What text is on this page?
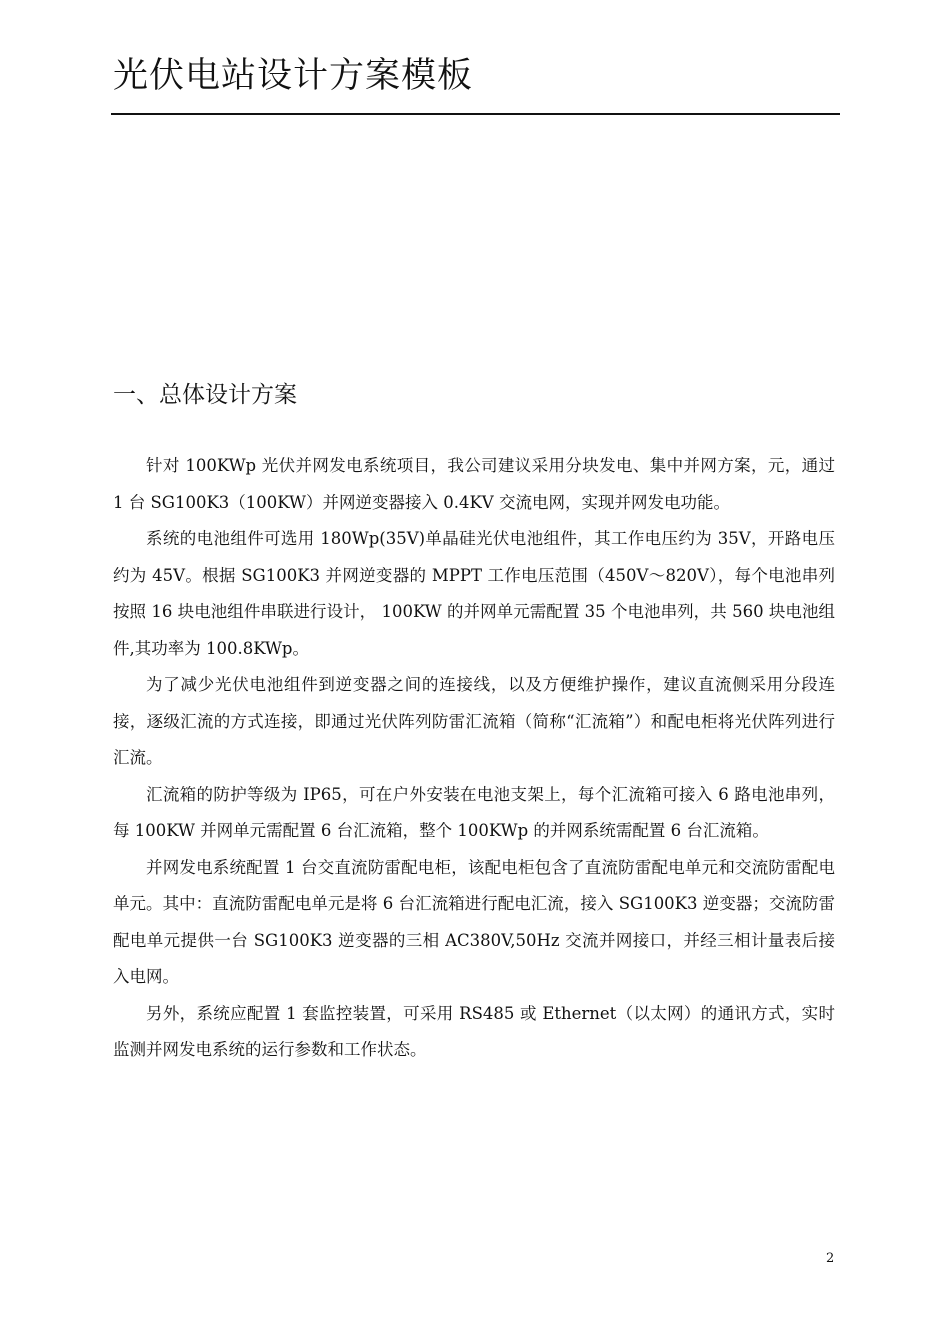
光伏电站设计方案模板
一、总体设计方案

针对 100KWp 光伏并网发电系统项目，我公司建议采用分块发电、集中并网方案，元，通过 1 台 SG100K3（100KW）并网逆变器接入 0.4KV 交流电网，实现并网发电功能。

系统的电池组件可选用 180Wp(35V)单晶硅光伏电池组件，其工作电压约为 35V，开路电压约为 45V。根据 SG100K3 并网逆变器的 MPPT 工作电压范围（450V～820V），每个电池串列按照 16 块电池组件串联进行设计， 100KW 的并网单元需配置 35 个电池串列，共 560 块电池组件,其功率为 100.8KWp。

为了减少光伏电池组件到逆变器之间的连接线，以及方便维护操作，建议直流侧采用分段连接，逐级汇流的方式连接，即通过光伏阵列防雷汇流箱（简称“汇流箱”）和配电柜将光伏阵列进行汇流。

汇流箱的防护等级为 IP65，可在户外安装在电池支架上，每个汇流箱可接入 6 路电池串列，每 100KW 并网单元需配置 6 台汇流箱，整个 100KWp 的并网系统需配置 6 台汇流箱。

并网发电系统配置 1 台交直流防雷配电柜，该配电柜包含了直流防雷配电单元和交流防雷配电单元。其中：直流防雷配电单元是将 6 台汇流箱进行配电汇流，接入 SG100K3 逆变器；交流防雷配电单元提供一台 SG100K3 逆变器的三相 AC380V,50Hz 交流并网接口，并经三相计量表后接入电网。

另外，系统应配置 1 套监控装置，可采用 RS485 或 Ethernet（以太网）的通讯方式，实时监测并网发电系统的运行参数和工作状态。

2
